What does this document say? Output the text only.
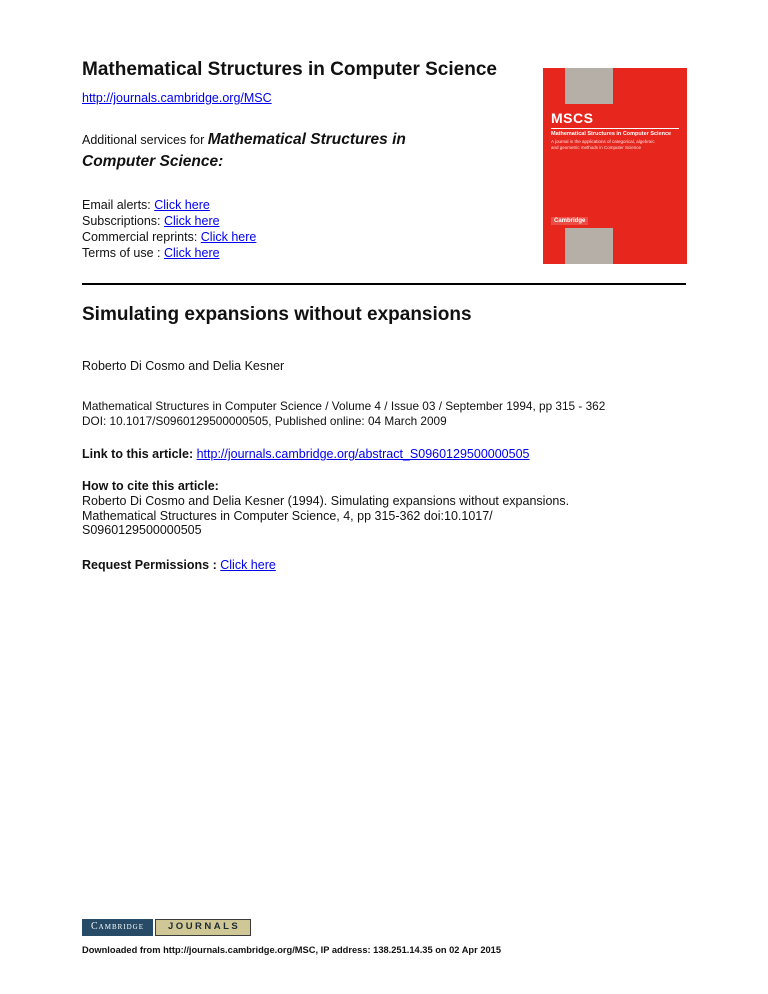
Mathematical Structures in Computer Science
http://journals.cambridge.org/MSC
Additional services for Mathematical Structures in Computer Science:
Email alerts: Click here
Subscriptions: Click here
Commercial reprints: Click here
Terms of use : Click here
Simulating expansions without expansions
Roberto Di Cosmo and Delia Kesner
Mathematical Structures in Computer Science / Volume 4 / Issue 03 / September 1994, pp 315 - 362
DOI: 10.1017/S0960129500000505, Published online: 04 March 2009
Link to this article: http://journals.cambridge.org/abstract_S0960129500000505
How to cite this article:
Roberto Di Cosmo and Delia Kesner (1994). Simulating expansions without expansions.
Mathematical Structures in Computer Science, 4, pp 315-362 doi:10.1017/
S0960129500000505
Request Permissions : Click here
MSCS
Mathematical Structures in Computer Science
A journal in the applications of categorical, algebraic
and geometric methods in Computer Science
Cambridge
Cambridge	JOURNALS
Downloaded from http://journals.cambridge.org/MSC, IP address: 138.251.14.35 on 02 Apr 2015
